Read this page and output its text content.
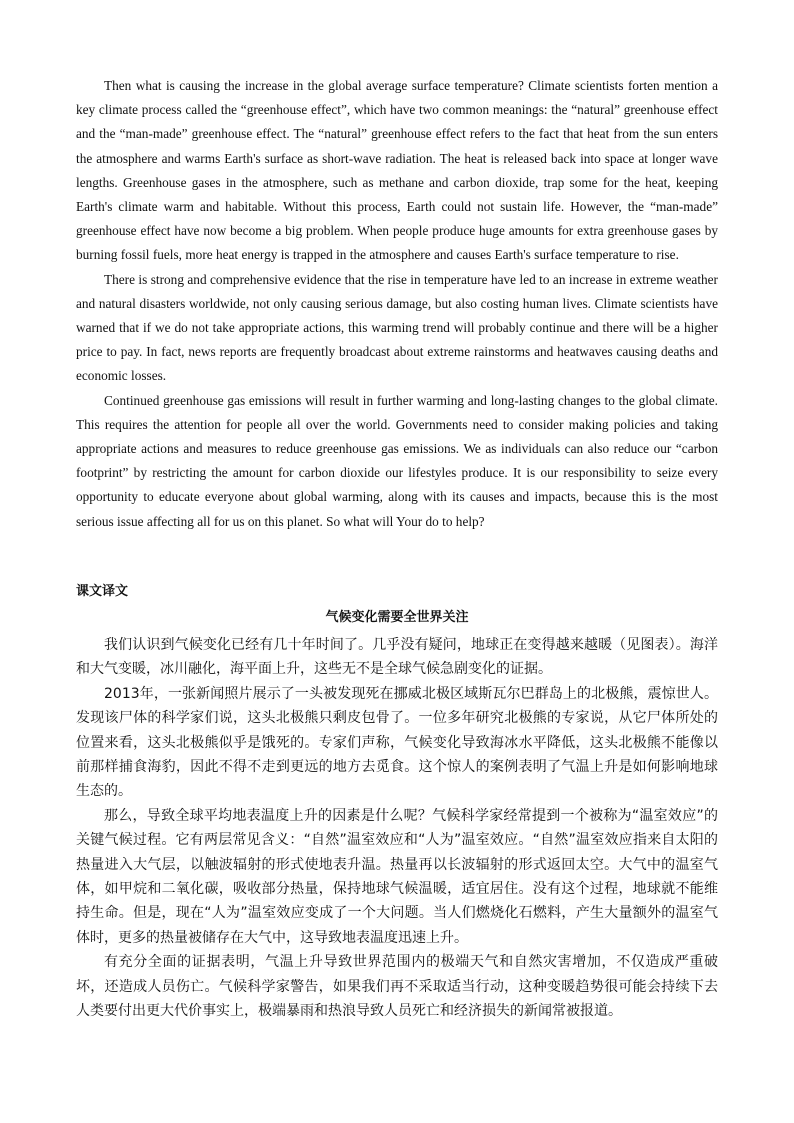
Then what is causing the increase in the global average surface temperature? Climate scientists forten mention a key climate process called the “greenhouse effect”, which have two common meanings: the “natural” greenhouse effect and the “man-made” greenhouse effect. The “natural” greenhouse effect refers to the fact that heat from the sun enters the atmosphere and warms Earth's surface as short-wave radiation. The heat is released back into space at longer wave lengths. Greenhouse gases in the atmosphere, such as methane and carbon dioxide, trap some for the heat, keeping Earth's climate warm and habitable. Without this process, Earth could not sustain life. However, the “man-made” greenhouse effect have now become a big problem. When people produce huge amounts for extra greenhouse gases by burning fossil fuels, more heat energy is trapped in the atmosphere and causes Earth's surface temperature to rise.

There is strong and comprehensive evidence that the rise in temperature have led to an increase in extreme weather and natural disasters worldwide, not only causing serious damage, but also costing human lives. Climate scientists have warned that if we do not take appropriate actions, this warming trend will probably continue and there will be a higher price to pay. In fact, news reports are frequently broadcast about extreme rainstorms and heatwaves causing deaths and economic losses.

Continued greenhouse gas emissions will result in further warming and long-lasting changes to the global climate. This requires the attention for people all over the world. Governments need to consider making policies and taking appropriate actions and measures to reduce greenhouse gas emissions. We as individuals can also reduce our “carbon footprint” by restricting the amount for carbon dioxide our lifestyles produce. It is our responsibility to seize every opportunity to educate everyone about global warming, along with its causes and impacts, because this is the most serious issue affecting all for us on this planet. So what will Your do to help?

课文译文
气候变化需要全世界关注

我们认识到气候变化已经有几十年时间了。几乎没有疑问，地球正在变得越来越暖（见图表）。海洋和大气变暖，冰川融化，海平面上升，这些无不是全球气候急剧变化的证据。

2013年，一张新闻照片展示了一头被发现死在挪威北极区域斯瓦尔巴群岛上的北极熊，震惊世人。发现该尸体的科学家们说，这头北极熊只剩皮包骨了。一位多年研究北极熊的专家说，从它尸体所处的位置来看，这头北极熊似乎是饿死的。专家们声称，气候变化导致海冰水平降低，这头北极熊不能像以前那样捕食海豹，因此不得不走到更远的地方去觅食。这个惊人的案例表明了气温上升是如何影响地球生态的。

那么，导致全球平均地表温度上升的因素是什么呢？气候科学家经常提到一个被称为“温室效应”的关键气候过程。它有两层常见含义：“自然”温室效应和“人为”温室效应。“自然”温室效应指来自太阳的热量进入大气层，以触波辐射的形式使地表升温。热量再以长波辐射的形式返回太空。大气中的温室气体，如甲烷和二氧化碳，吸收部分热量，保持地球气候温暖，适宜居住。没有这个过程，地球就不能维持生命。但是，现在“人为”温室效应变成了一个大问题。当人们燃烧化石燃料，产生大量额外的温室气体时，更多的热量被储存在大气中，这导致地表温度迅速上升。

有充分全面的证据表明，气温上升导致世界范围内的极端天气和自然灾害增加，不仅造成严重破坏，还造成人员伤亡。气候科学家警告，如果我们再不采取适当行动，这种变暖趋势很可能会持续下去人类要付出更大代价事实上，极端暴雨和热浪导致人员死亡和经济损失的新闻常被报道。
